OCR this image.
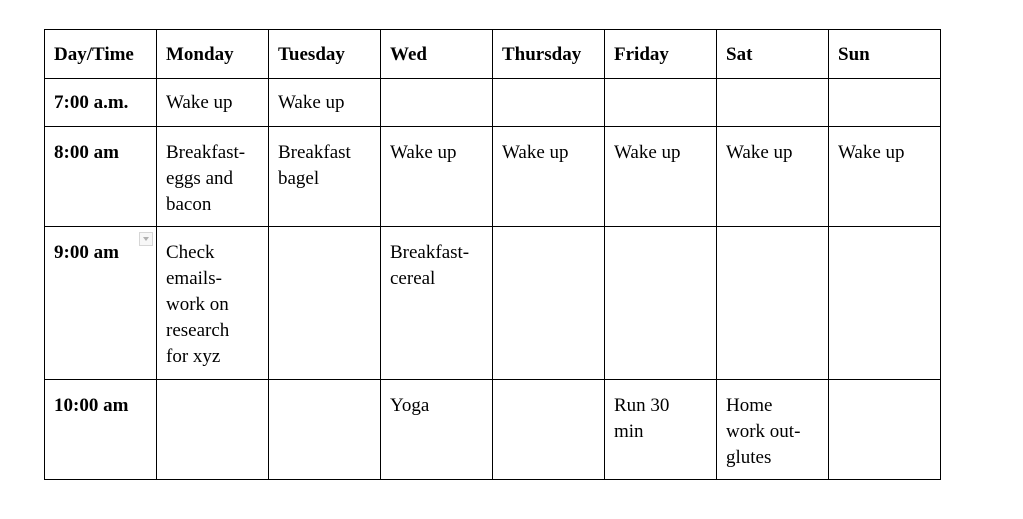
Day/Time	Monday	Tuesday	Wed	Thursday	Friday	Sat	Sun
7:00 a.m.	Wake up	Wake up					
8:00 am	Breakfast- eggs and bacon	Breakfast bagel	Wake up	Wake up	Wake up	Wake up	Wake up
9:00 am	Check emails- work on research for xyz		Breakfast- cereal				

10:00 am			Yoga		Run 30 min	Home work out- glutes	
